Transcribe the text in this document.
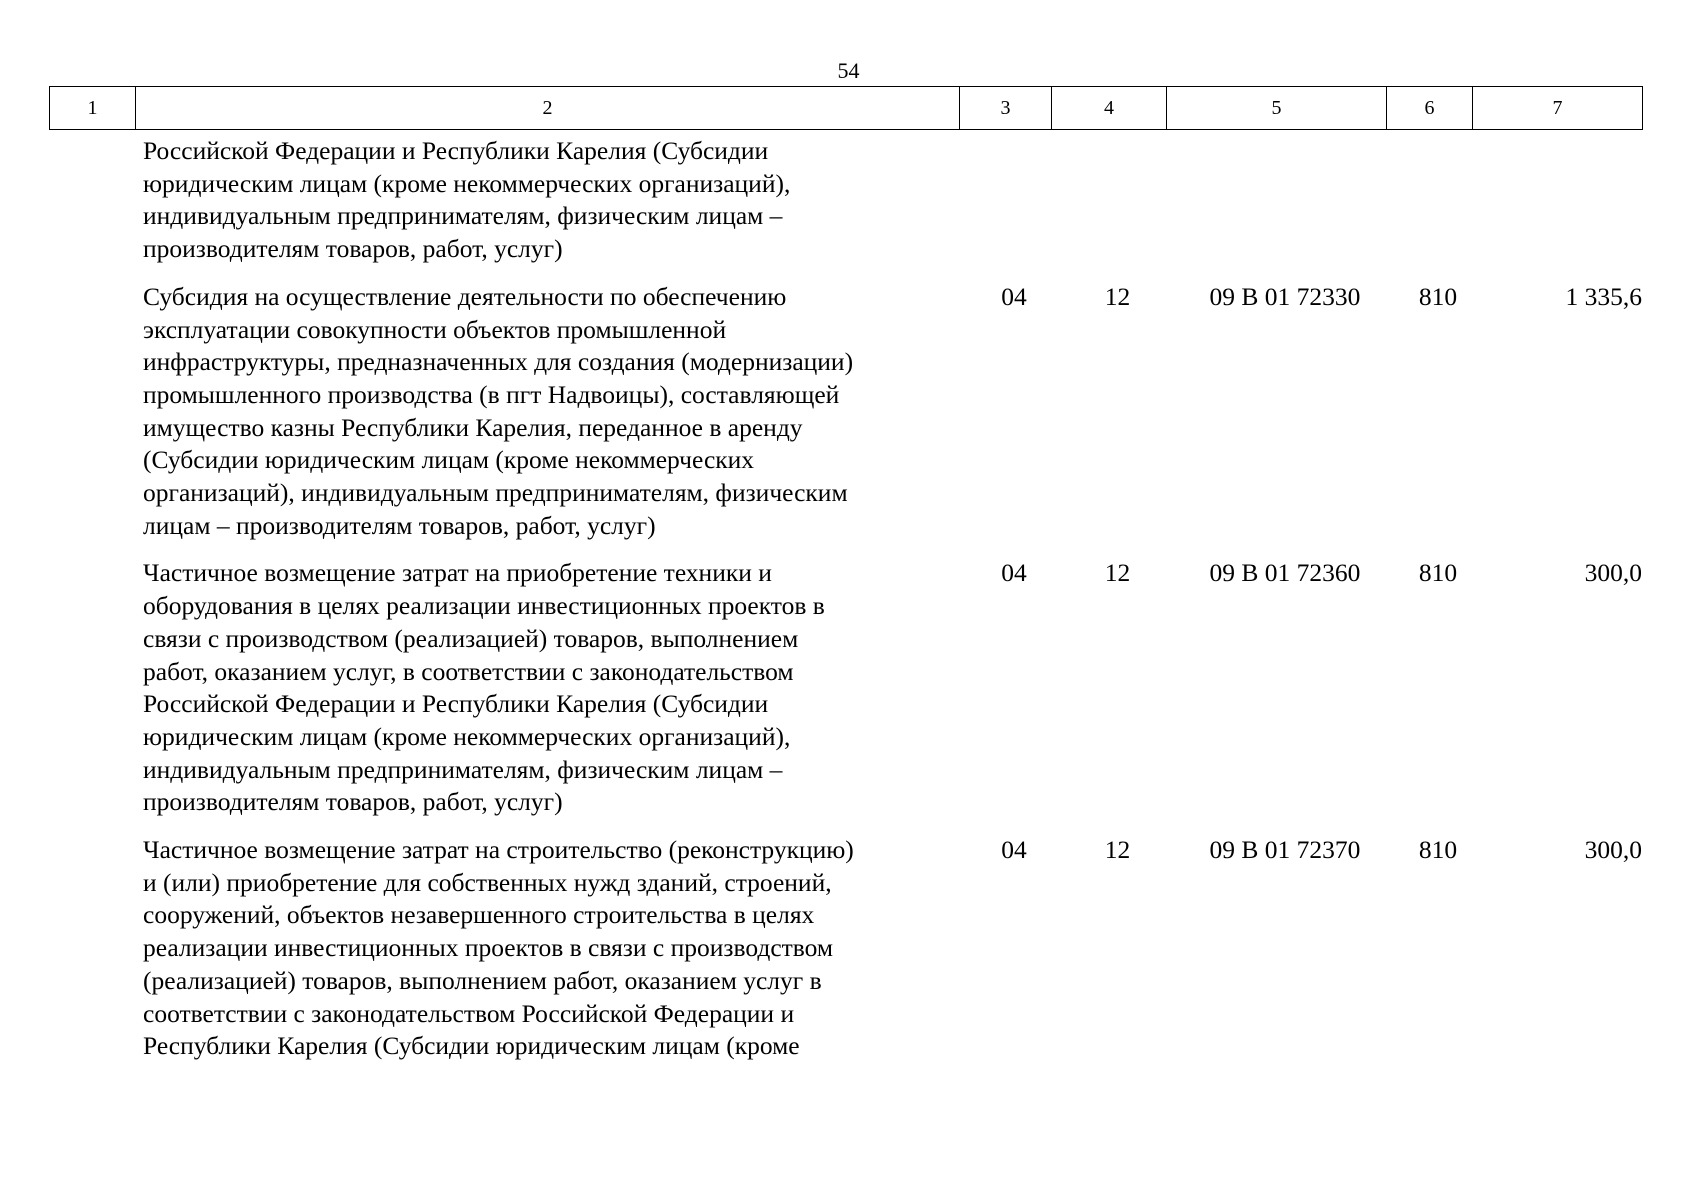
54
1	2	3	4	5	6	7
Российской Федерации и Республики Карелия (Субсидии
юридическим лицам (кроме некоммерческих организаций),
индивидуальным предпринимателям, физическим лицам –
производителям товаров, работ, услуг)
Субсидия на осуществление деятельности по обеспечению
эксплуатации совокупности объектов промышленной
инфраструктуры, предназначенных для создания (модернизации)
промышленного производства (в пгт Надвоицы), составляющей
имущество казны Республики Карелия, переданное в аренду
(Субсидии юридическим лицам (кроме некоммерческих
организаций), индивидуальным предпринимателям, физическим
лицам – производителям товаров, работ, услуг)
04	12	09 В 01 72330	810	1 335,6
Частичное возмещение затрат на приобретение техники и
оборудования в целях реализации инвестиционных проектов в
связи с производством (реализацией) товаров, выполнением
работ, оказанием услуг, в соответствии с законодательством
Российской Федерации и Республики Карелия (Субсидии
юридическим лицам (кроме некоммерческих организаций),
индивидуальным предпринимателям, физическим лицам –
производителям товаров, работ, услуг)
04	12	09 В 01 72360	810	300,0
Частичное возмещение затрат на строительство (реконструкцию)
и (или) приобретение для собственных нужд зданий, строений,
сооружений, объектов незавершенного строительства в целях
реализации инвестиционных проектов в связи с производством
(реализацией) товаров, выполнением работ, оказанием услуг в
соответствии с законодательством Российской Федерации и
Республики Карелия (Субсидии юридическим лицам (кроме
04	12	09 В 01 72370	810	300,0
